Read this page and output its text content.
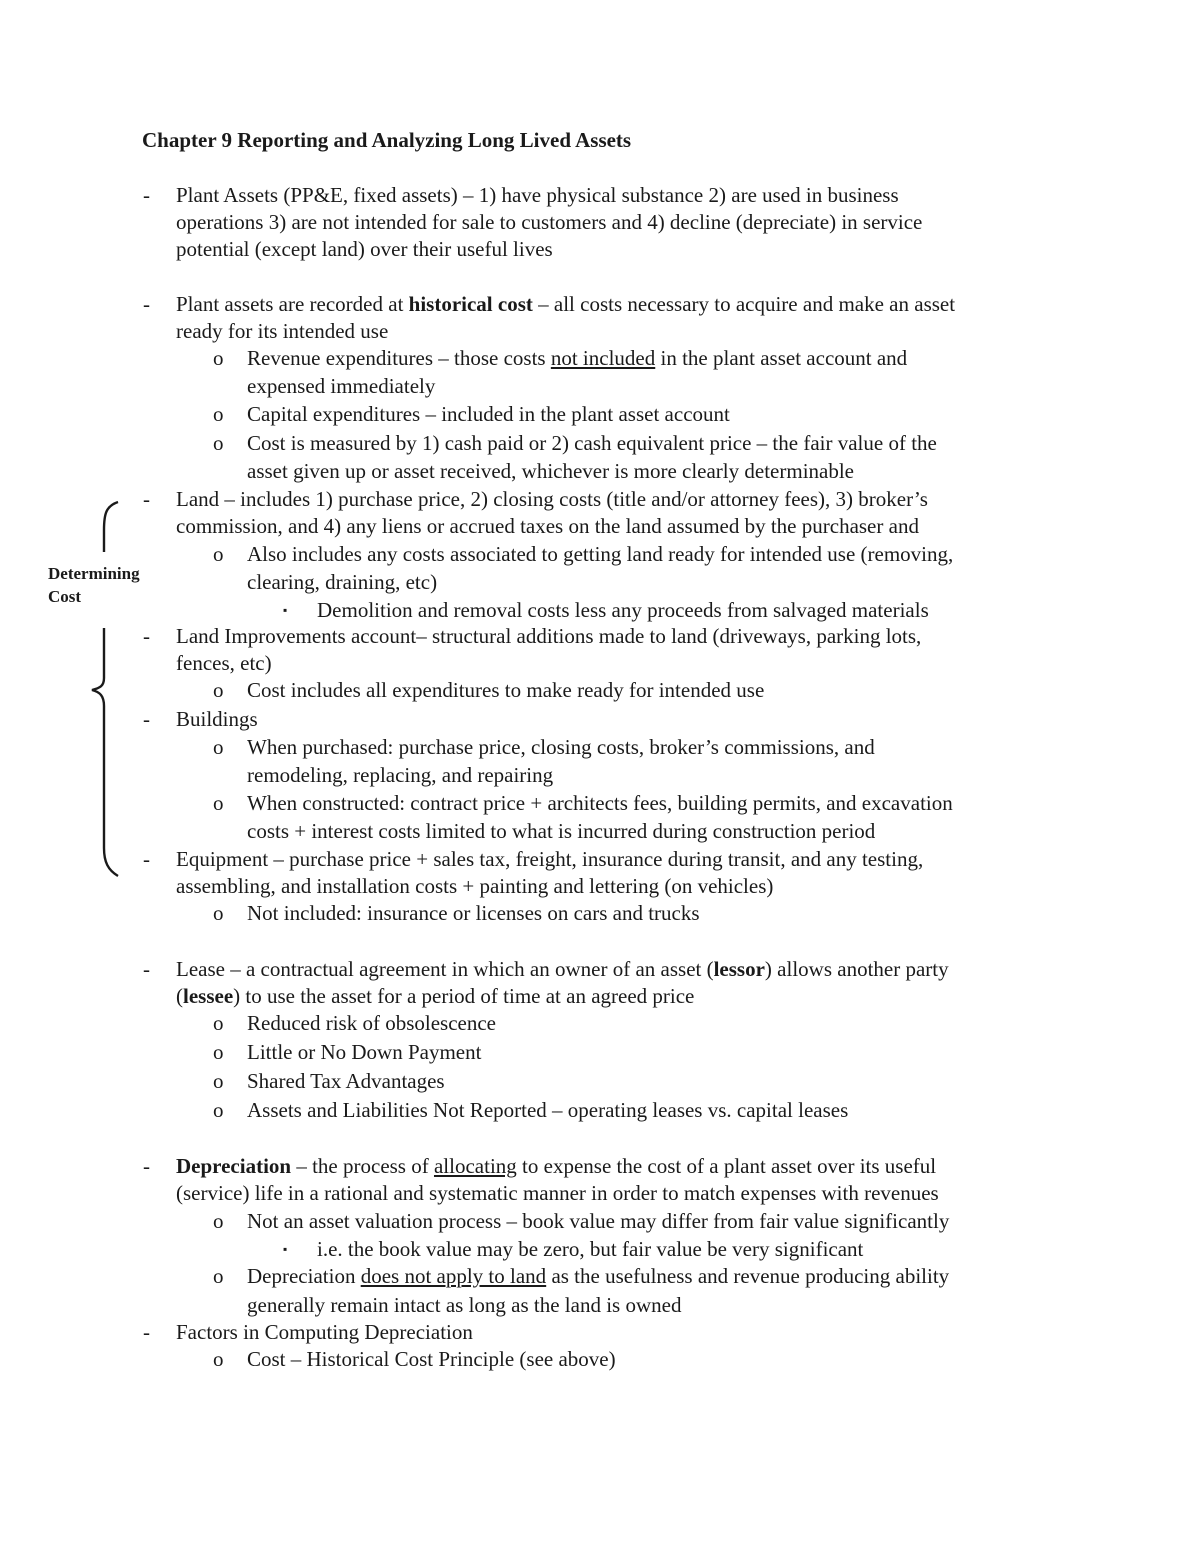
Chapter 9 Reporting and Analyzing Long Lived Assets
Determining
Cost
- Plant Assets (PP&E, fixed assets) – 1) have physical substance 2) are used in business
operations 3) are not intended for sale to customers and 4) decline (depreciate) in service
potential (except land) over their useful lives
- Plant assets are recorded at historical cost – all costs necessary to acquire and make an asset
ready for its intended use
o Revenue expenditures – those costs not included in the plant asset account and
expensed immediately
o Capital expenditures – included in the plant asset account
o Cost is measured by 1) cash paid or 2) cash equivalent price – the fair value of the
asset given up or asset received, whichever is more clearly determinable
- Land – includes 1) purchase price, 2) closing costs (title and/or attorney fees), 3) broker’s
commission, and 4) any liens or accrued taxes on the land assumed by the purchaser and
o Also includes any costs associated to getting land ready for intended use (removing,
clearing, draining, etc)
▪ Demolition and removal costs less any proceeds from salvaged materials
- Land Improvements account– structural additions made to land (driveways, parking lots,
fences, etc)
o Cost includes all expenditures to make ready for intended use
- Buildings
o When purchased: purchase price, closing costs, broker’s commissions, and
remodeling, replacing, and repairing
o When constructed: contract price + architects fees, building permits, and excavation
costs + interest costs limited to what is incurred during construction period
- Equipment – purchase price + sales tax, freight, insurance during transit, and any testing,
assembling, and installation costs + painting and lettering (on vehicles)
o Not included: insurance or licenses on cars and trucks
- Lease – a contractual agreement in which an owner of an asset (lessor) allows another party
(lessee) to use the asset for a period of time at an agreed price
o Reduced risk of obsolescence
o Little or No Down Payment
o Shared Tax Advantages
o Assets and Liabilities Not Reported – operating leases vs. capital leases
- Depreciation – the process of allocating to expense the cost of a plant asset over its useful
(service) life in a rational and systematic manner in order to match expenses with revenues
o Not an asset valuation process – book value may differ from fair value significantly
▪ i.e. the book value may be zero, but fair value be very significant
o Depreciation does not apply to land as the usefulness and revenue producing ability
generally remain intact as long as the land is owned
- Factors in Computing Depreciation
o Cost – Historical Cost Principle (see above)
